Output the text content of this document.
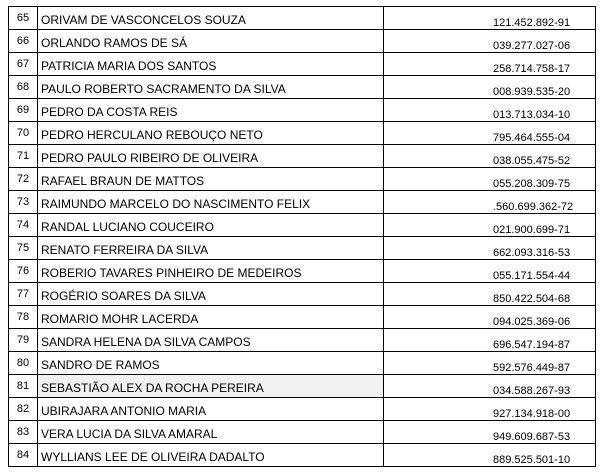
65	ORIVAM DE VASCONCELOS SOUZA	121.452.892-91
66	ORLANDO RAMOS DE SÁ	039.277.027-06
67	PATRICIA MARIA DOS SANTOS	258.714.758-17
68	PAULO ROBERTO SACRAMENTO DA SILVA	008.939.535-20
69	PEDRO DA COSTA REIS	013.713.034-10
70	PEDRO HERCULANO REBOUÇO NETO	795.464.555-04
71	PEDRO PAULO RIBEIRO DE OLIVEIRA	038.055.475-52
72	RAFAEL BRAUN DE MATTOS	055.208.309-75
73	RAIMUNDO MARCELO DO NASCIMENTO FELIX	.560.699.362-72
74	RANDAL LUCIANO COUCEIRO	021.900.699-71
75	RENATO FERREIRA DA SILVA	662.093.316-53
76	ROBERIO TAVARES PINHEIRO DE MEDEIROS	055.171.554-44
77	ROGÉRIO SOARES DA SILVA	850.422.504-68
78	ROMARIO MOHR LACERDA	094.025.369-06
79	SANDRA HELENA DA SILVA CAMPOS	696.547.194-87
80	SANDRO DE RAMOS	592.576.449-87
81	SEBASTIÃO ALEX DA ROCHA PEREIRA	034.588.267-93
82	UBIRAJARA ANTONIO MARIA	927.134.918-00
83	VERA LUCIA DA SILVA AMARAL	949.609.687-53
84	WYLLIANS LEE DE OLIVEIRA DADALTO	889.525.501-10
